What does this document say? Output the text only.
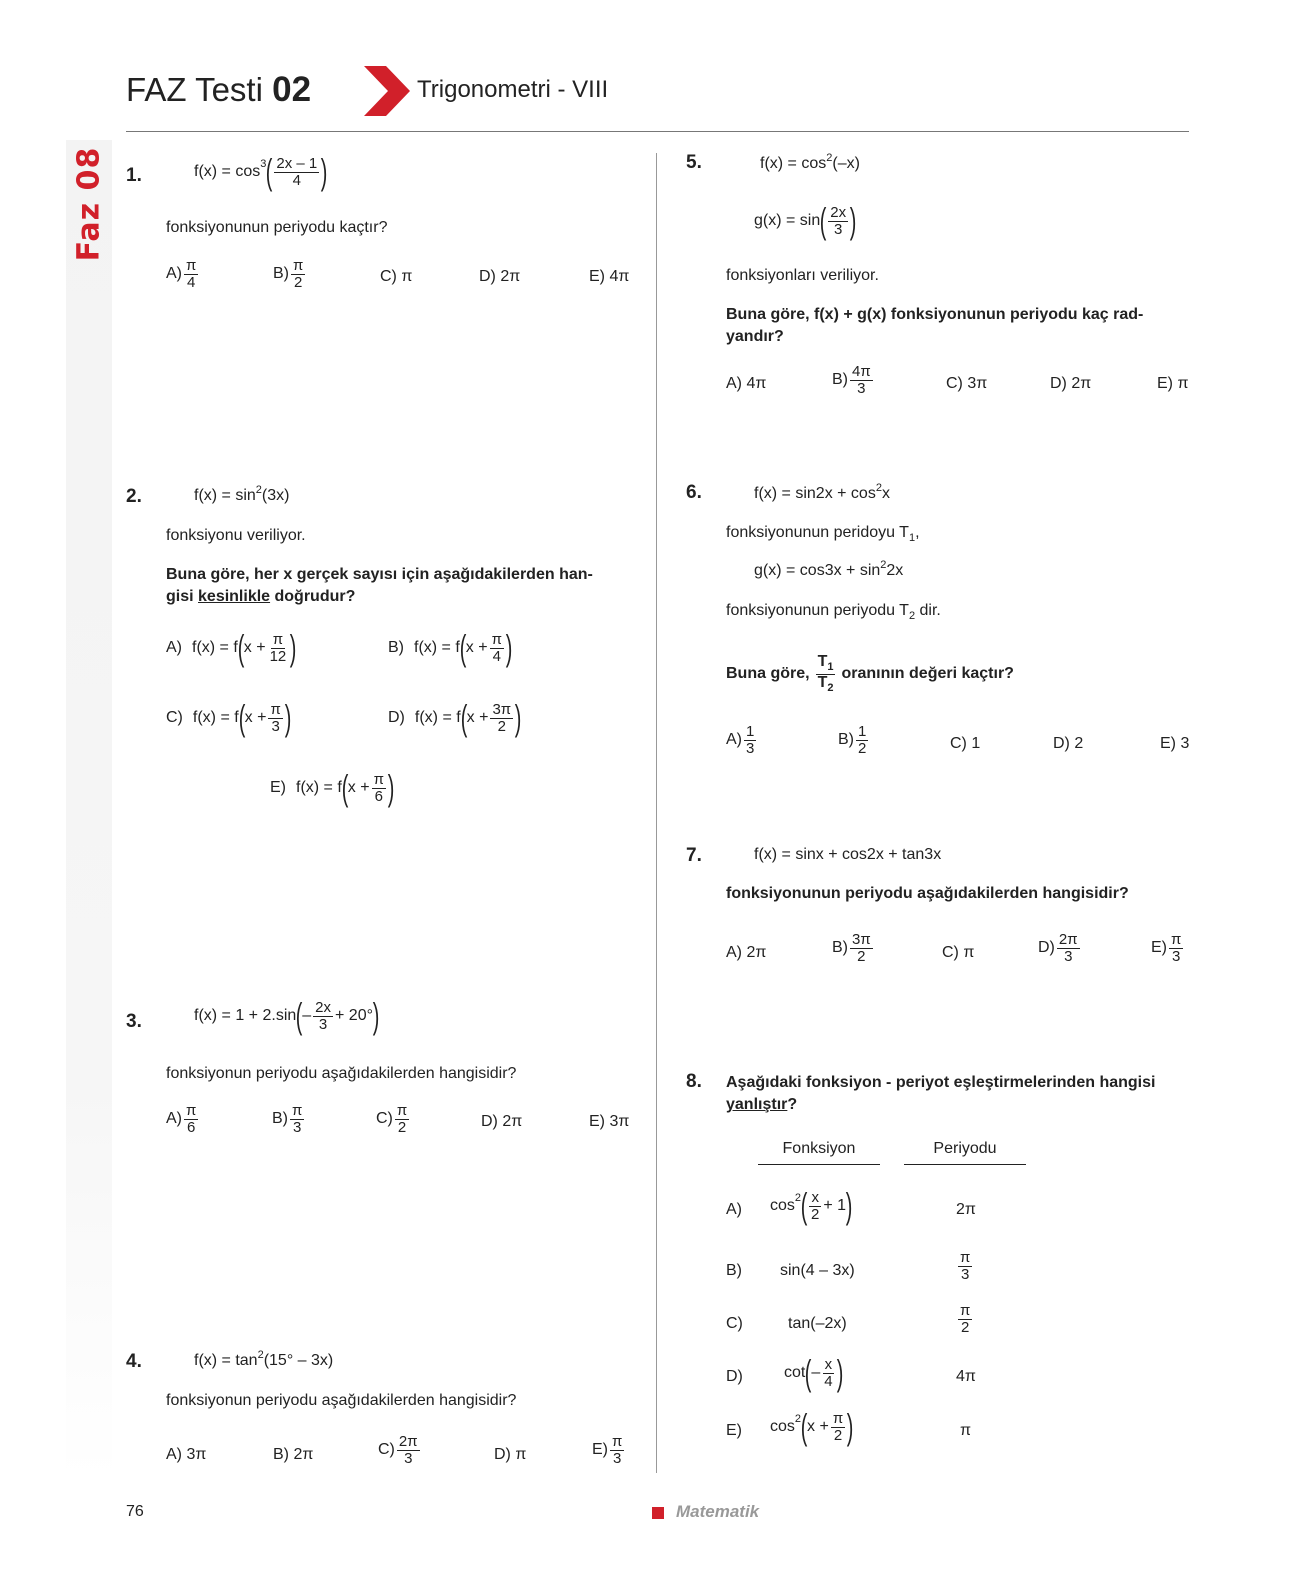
FAZ Testi 02	Trigonometri - VIII
Faz 08 1.	$f(x) = \cos^3$ ( $\frac{2x - 1}{4}$ )
fonksiyonunun periyodu kaçtır?
$A) \frac{\pi}{4}$	$B) \frac{\pi}{2}$	C) π	D) 2π	E) 4π
2.	$f(x) = \sin^2 (3x)$
fonksiyonu veriliyor.
Buna göre, her x gerçek sayısı için aşağıdakilerden han-
gisi kesinlikle doğrudur?
A) f(x) = f ( $x + \frac{\pi}{12}$ )	B) f(x) = f ( $x + \frac{\pi}{4}$ )
C) f(x) = f ( $x + \frac{\pi}{3}$ )	D) f(x) = f ( $x + \frac{3\pi}{2}$ )
E) f(x) = f ( $x + \frac{\pi}{6}$ )
3.	f(x) = 1 + 2.sin ( – $\frac{2x}{3} + 20^\circ$ )
fonksiyonun periyodu aşağıdakilerden hangisidir?
$A) \frac{\pi}{6}$	$B) \frac{\pi}{3}$	$C) \frac{\pi}{2}$	D) 2π	E) 3π
4.	$f(x) = \tan^2 (15^\circ - 3x)$
fonksiyonun periyodu aşağıdakilerden hangisidir?
A) 3π	B) 2π	$C) \frac{2\pi}{3}$	D) π	$E) \frac{\pi}{3}$
5.	$f(x) = \cos^2 (-x)$
g(x) = sin ( $\frac{2x}{3}$ )
fonksiyonları veriliyor.
Buna göre, f(x) + g(x) fonksiyonunun periyodu kaç rad-
yandır?
A) 4π	$B) \frac{4\pi}{3}$	C) 3π	D) 2π	E) π
6.	$f(x) = \sin 2x + \cos^2 x$
fonksiyonunun peridoyu $T_1$,
$g(x) = \cos 3x + \sin^2 2x$
fonksiyonunun periyodu $T_2$ dir.
Buna göre, $\frac{T_1}{T_2}$ oranının değeri kaçtır?
$A) \frac{1}{3}$	$B) \frac{1}{2}$	C) 1	D) 2	E) 3
7.	f(x) = sinx + cos2x + tan3x
fonksiyonunun periyodu aşağıdakilerden hangisidir?
A) 2π	$B) \frac{3\pi}{2}$	C) π	$D) \frac{2\pi}{3}$	$E) \frac{\pi}{3}$
8. Aşağıdaki fonksiyon - periyot eşleştirmelerinden hangisi
yanlıştır?
Fonksiyon	Periyodu
A) $\cos^2$ ( $\frac{x}{2} + 1$ )	2π
B) sin(4 – 3x)	$\frac{\pi}{3}$
C)	tan(–2x)	$\frac{\pi}{2}$
D)	cot ( – $\frac{x}{4}$ )	4π
E) $\cos^2$ ( $x + \frac{\pi}{2}$ )	π
76	Matematik
